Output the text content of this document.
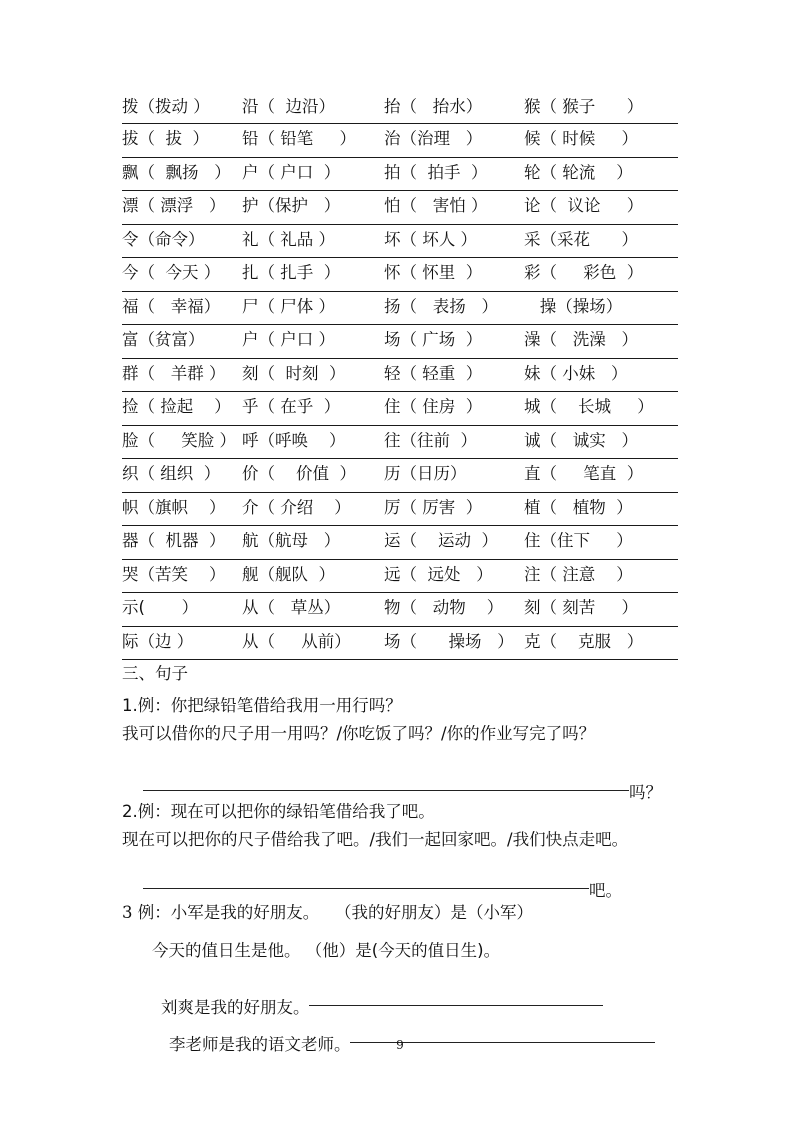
拨（拨动 ） 沿（  边沿）	抬（   抬水）	猴（ 猴子      ）
拔（  拔  ） 铅（ 铅笔     ） 治（治理   ）	候（ 时候     ）
飘（  飘扬   ） 户（ 户口  ）	拍（  拍手  ） 轮（ 轮流    ）
漂（ 漂浮   ） 护（保护   ）	怕（   害怕 ） 论（  议论     ）
令（命令） 礼（ 礼品 ）	坏（ 坏人 ）	采（采花      ）
今（  今天 ） 扎（ 扎手  ）	怀（ 怀里  ）	彩（     彩色  ）
福（   幸福） 尸（ 尸体 ）	扬（   表扬   ） 操（操场）
富（贫富） 户（ 户口 ）	场（ 广场  ）	澡（   洗澡   ）
群（   羊群 ） 刻（  时刻  ） 轻（ 轻重  ）	妹（ 小妹   ）
捡（ 捡起    ） 乎（ 在乎  ）	住（ 住房  ）	城（    长城     ）
脸（     笑脸 ） 呼（呼唤    ） 往（往前  ）	诚（   诚实   ）
织（ 组织  ） 价（    价值  ） 历（日历）	直（     笔直  ）
帜（旗帜    ） 介（ 介绍    ） 厉（ 厉害  ）	植（   植物  ）
器（  机器  ） 航（航母   ）	运（    运动  ） 住（住下     ）
哭（苦笑    ） 舰（舰队  ）	远（  远处   ） 注（ 注意    ）
示(       ）	从（   草丛）	物（   动物    ） 刻（ 刻苦     ）
际（边 ）	从（     从前） 场（      操场   ） 克（    克服   ）
三、句子
1.例：你把绿铅笔借给我用一用行吗？
我可以借你的尺子用一用吗？/你吃饭了吗？/你的作业写完了吗？

吗？

2.例：现在可以把你的绿铅笔借给我了吧。
现在可以把你的尺子借给我了吧。/我们一起回家吧。/我们快点走吧。

吧。

3 例：小军是我的好朋友。   （我的好朋友）是（小军）
今天的值日生是他。 （他）是(今天的值日生)。

刘爽是我的好朋友。

李老师是我的语文老师。
	9
